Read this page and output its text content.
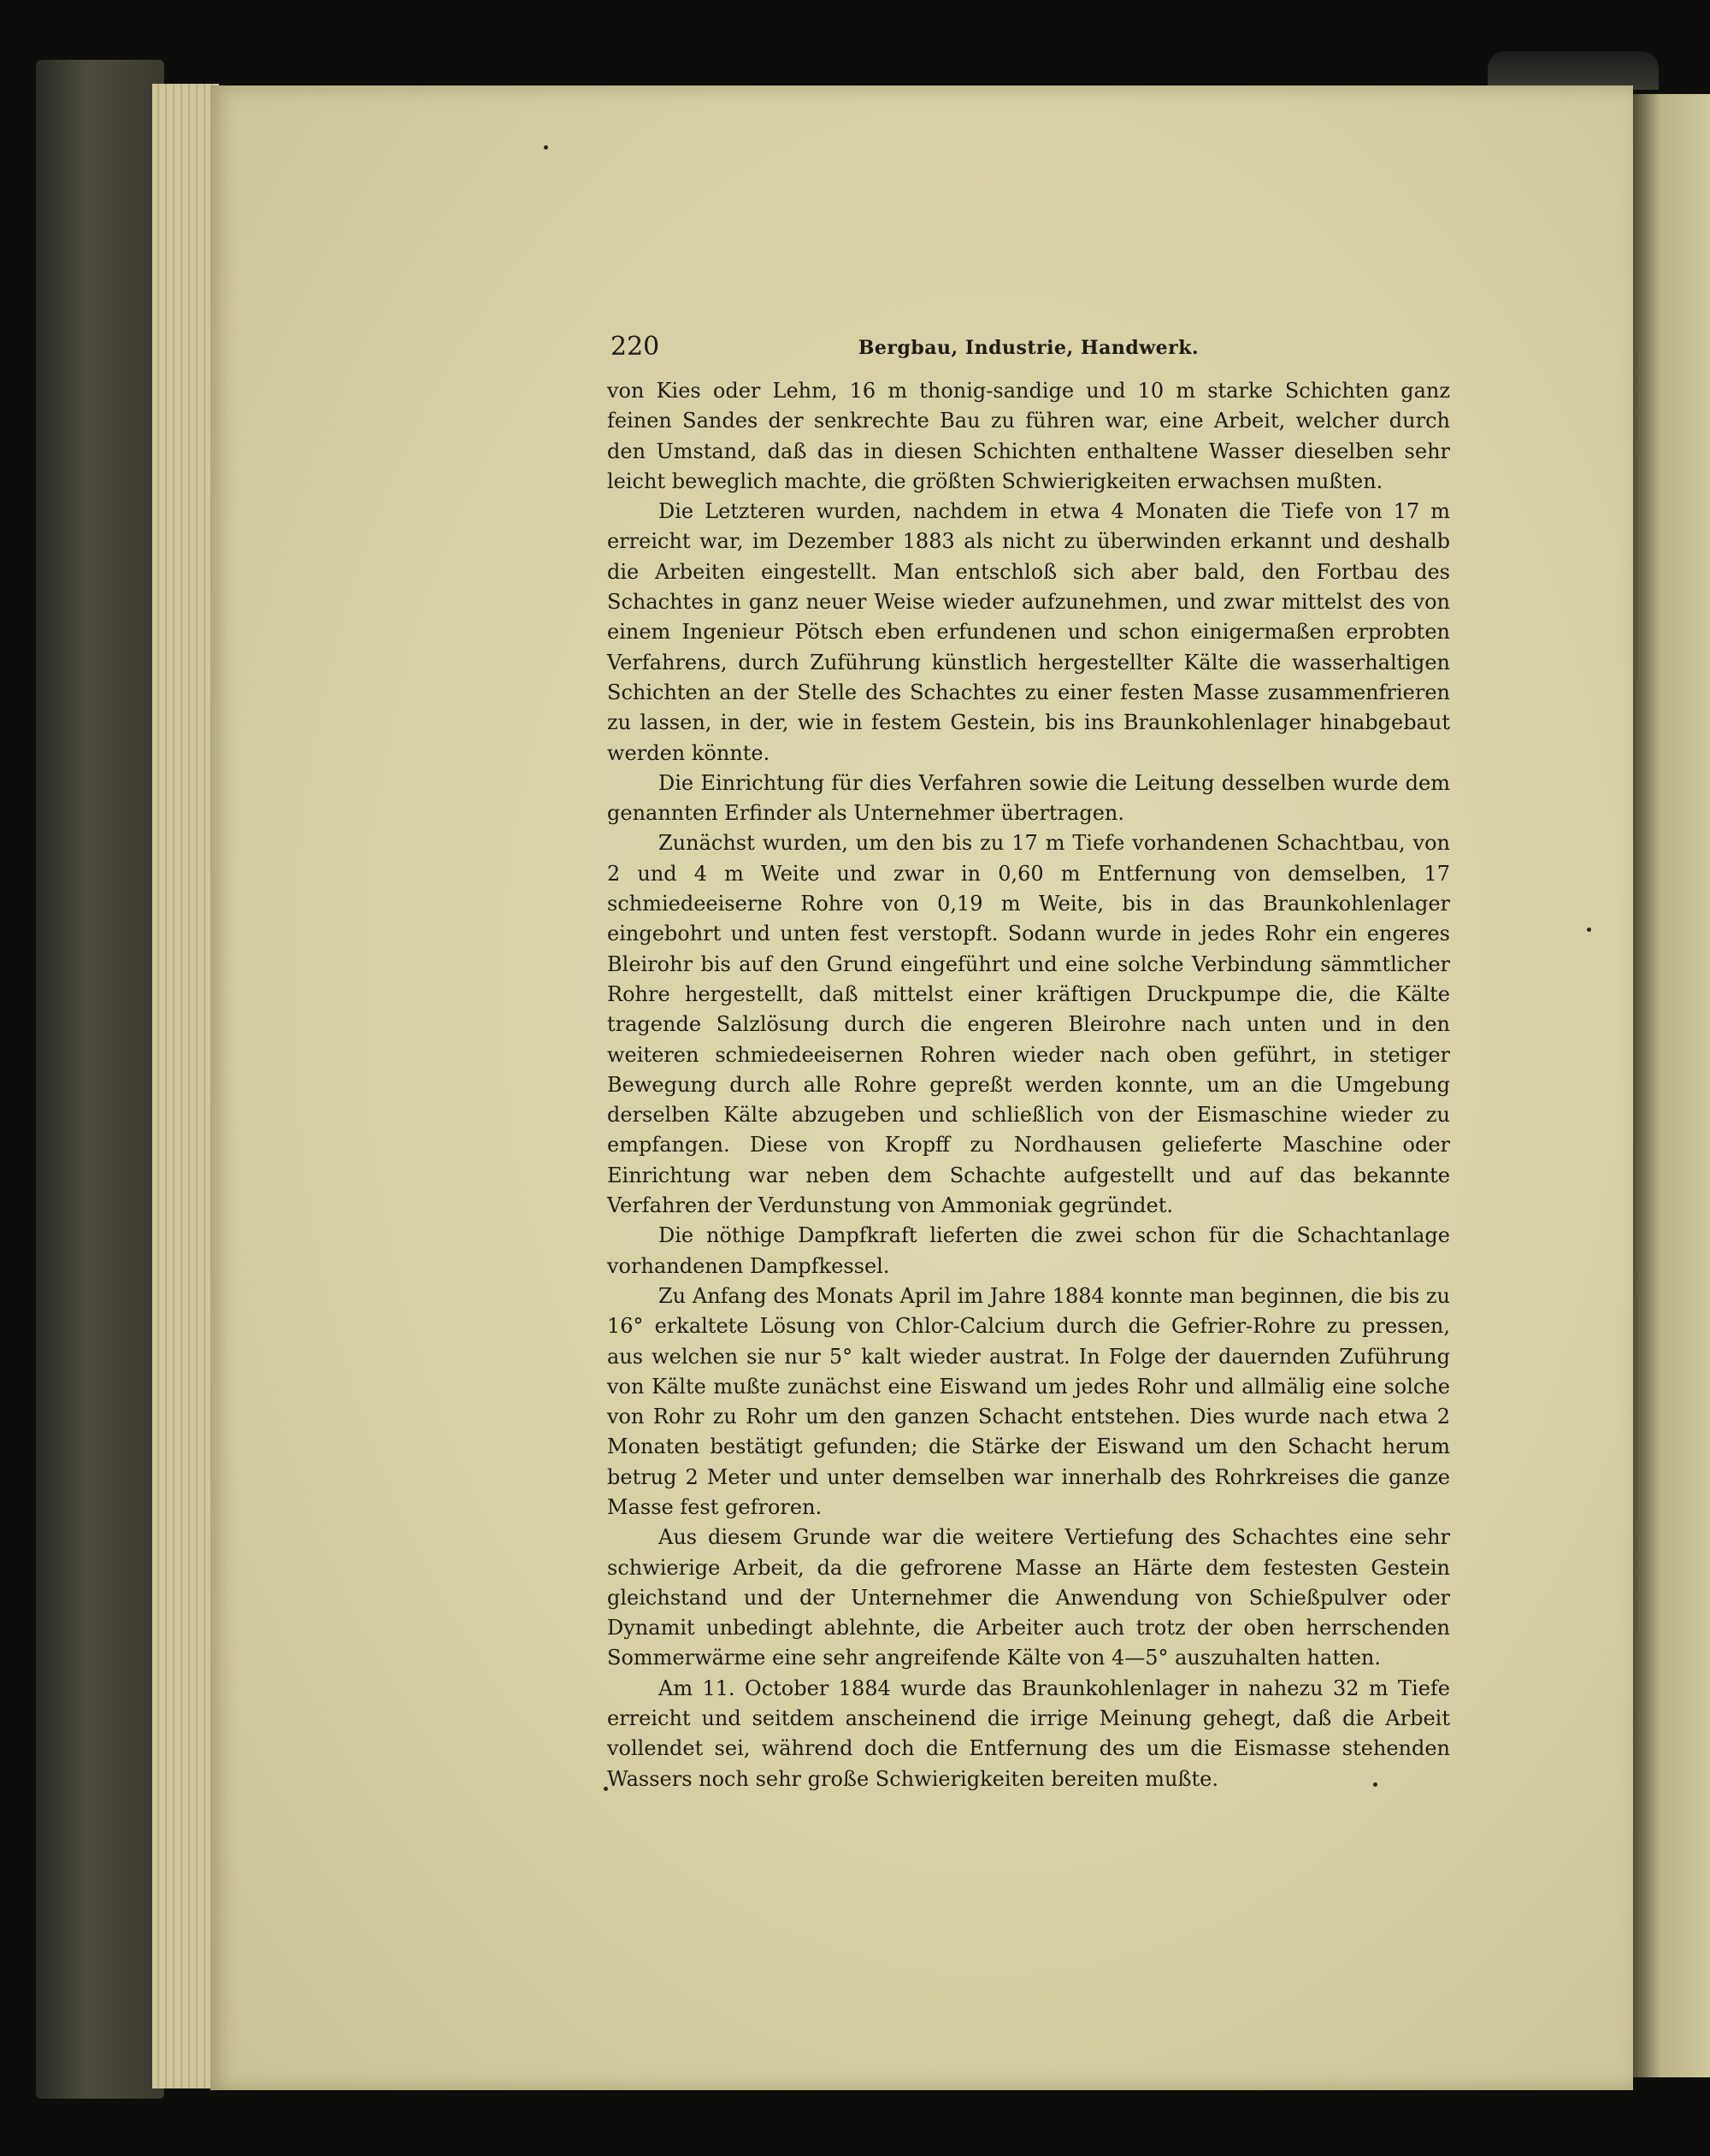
220	Bergbau, Industrie, Handwerk.

von Kies oder Lehm, 16 m thonig-sandige und 10 m starke Schichten ganz feinen Sandes der senkrechte Bau zu führen war, eine Arbeit, welcher durch den Umstand, daß das in diesen Schichten enthaltene Wasser dieselben sehr leicht beweglich machte, die größten Schwierigkeiten erwachsen mußten.

Die Letzteren wurden, nachdem in etwa 4 Monaten die Tiefe von 17 m erreicht war, im Dezember 1883 als nicht zu überwinden erkannt und deshalb die Arbeiten eingestellt. Man entschloß sich aber bald, den Fortbau des Schachtes in ganz neuer Weise wieder aufzunehmen, und zwar mittelst des von einem Ingenieur Pötsch eben erfundenen und schon einigermaßen erprobten Verfahrens, durch Zuführung künstlich hergestellter Kälte die wasserhaltigen Schichten an der Stelle des Schachtes zu einer festen Masse zusammenfrieren zu lassen, in der, wie in festem Gestein, bis ins Braunkohlenlager hinabgebaut werden könnte.

Die Einrichtung für dies Verfahren sowie die Leitung desselben wurde dem genannten Erfinder als Unternehmer übertragen.

Zunächst wurden, um den bis zu 17 m Tiefe vorhandenen Schachtbau, von 2 und 4 m Weite und zwar in 0,60 m Entfernung von demselben, 17 schmiedeeiserne Rohre von 0,19 m Weite, bis in das Braunkohlenlager eingebohrt und unten fest verstopft. Sodann wurde in jedes Rohr ein engeres Bleirohr bis auf den Grund eingeführt und eine solche Verbindung sämmtlicher Rohre hergestellt, daß mittelst einer kräftigen Druckpumpe die, die Kälte tragende Salzlösung durch die engeren Bleirohre nach unten und in den weiteren schmiedeeisernen Rohren wieder nach oben geführt, in stetiger Bewegung durch alle Rohre gepreßt werden konnte, um an die Umgebung derselben Kälte abzugeben und schließlich von der Eismaschine wieder zu empfangen. Diese von Kropff zu Nordhausen gelieferte Maschine oder Einrichtung war neben dem Schachte aufgestellt und auf das bekannte Verfahren der Verdunstung von Ammoniak gegründet.

Die nöthige Dampfkraft lieferten die zwei schon für die Schachtanlage vorhandenen Dampfkessel.

Zu Anfang des Monats April im Jahre 1884 konnte man beginnen, die bis zu 16° erkaltete Lösung von Chlor-Calcium durch die Gefrier-Rohre zu pressen, aus welchen sie nur 5° kalt wieder austrat. In Folge der dauernden Zuführung von Kälte mußte zunächst eine Eiswand um jedes Rohr und allmälig eine solche von Rohr zu Rohr um den ganzen Schacht entstehen. Dies wurde nach etwa 2 Monaten bestätigt gefunden; die Stärke der Eiswand um den Schacht herum betrug 2 Meter und unter demselben war innerhalb des Rohrkreises die ganze Masse fest gefroren.

Aus diesem Grunde war die weitere Vertiefung des Schachtes eine sehr schwierige Arbeit, da die gefrorene Masse an Härte dem festesten Gestein gleichstand und der Unternehmer die Anwendung von Schießpulver oder Dynamit unbedingt ablehnte, die Arbeiter auch trotz der oben herrschenden Sommerwärme eine sehr angreifende Kälte von 4—5° auszuhalten hatten.

Am 11. October 1884 wurde das Braunkohlenlager in nahezu 32 m Tiefe erreicht und seitdem anscheinend die irrige Meinung gehegt, daß die Arbeit vollendet sei, während doch die Entfernung des um die Eismasse stehenden Wassers noch sehr große Schwierigkeiten bereiten mußte.
